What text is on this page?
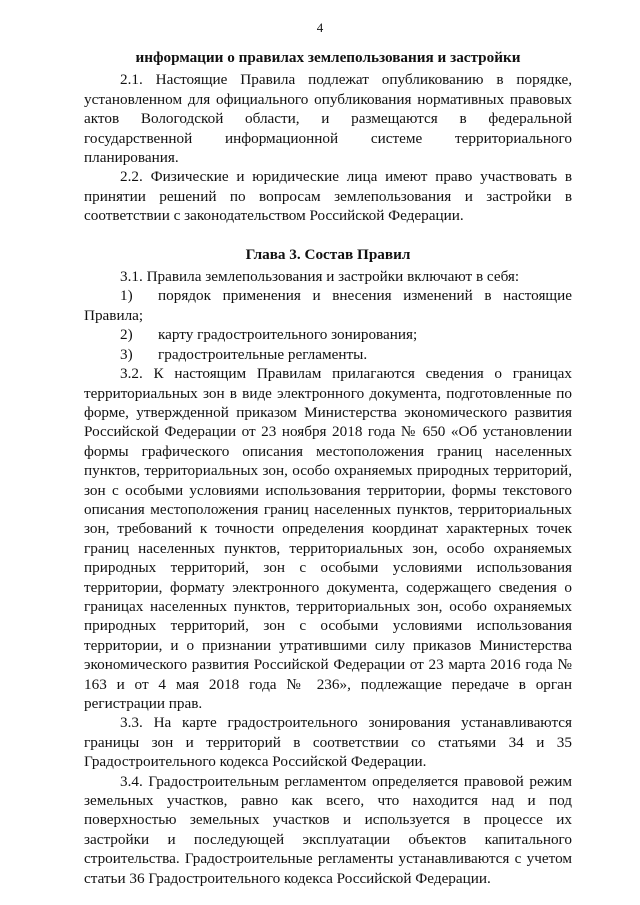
4

информации о правилах землепользования и застройки

2.1. Настоящие Правила подлежат опубликованию в порядке, установленном для официального опубликования нормативных правовых актов Вологодской области, и размещаются в федеральной государственной информационной системе территориального планирования.

2.2. Физические и юридические лица имеют право участвовать в принятии решений по вопросам землепользования и застройки в соответствии с законодательством Российской Федерации.

Глава 3. Состав Правил

3.1. Правила землепользования и застройки включают в себя:

1) порядок применения и внесения изменений в настоящие Правила;

2) карту градостроительного зонирования;

3) градостроительные регламенты.

3.2. К настоящим Правилам прилагаются сведения о границах территориальных зон в виде электронного документа, подготовленные по форме, утвержденной приказом Министерства экономического развития Российской Федерации от 23 ноября 2018 года № 650 «Об установлении формы графического описания местоположения границ населенных пунктов, территориальных зон, особо охраняемых природных территорий, зон с особыми условиями использования территории, формы текстового описания местоположения границ населенных пунктов, территориальных зон, требований к точности определения координат характерных точек границ населенных пунктов, территориальных зон, особо охраняемых природных территорий, зон с особыми условиями использования территории, формату электронного документа, содержащего сведения о границах населенных пунктов, территориальных зон, особо охраняемых природных территорий, зон с особыми условиями использования территории, и о признании утратившими силу приказов Министерства экономического развития Российской Федерации от 23 марта 2016 года № 163 и от 4 мая 2018 года № 236», подлежащие передаче в орган регистрации прав.

3.3. На карте градостроительного зонирования устанавливаются границы зон и территорий в соответствии со статьями 34 и 35 Градостроительного кодекса Российской Федерации.

3.4. Градостроительным регламентом определяется правовой режим земельных участков, равно как всего, что находится над и под поверхностью земельных участков и используется в процессе их застройки и последующей эксплуатации объектов капитального строительства. Градостроительные регламенты устанавливаются с учетом статьи 36 Градостроительного кодекса Российской Федерации.
